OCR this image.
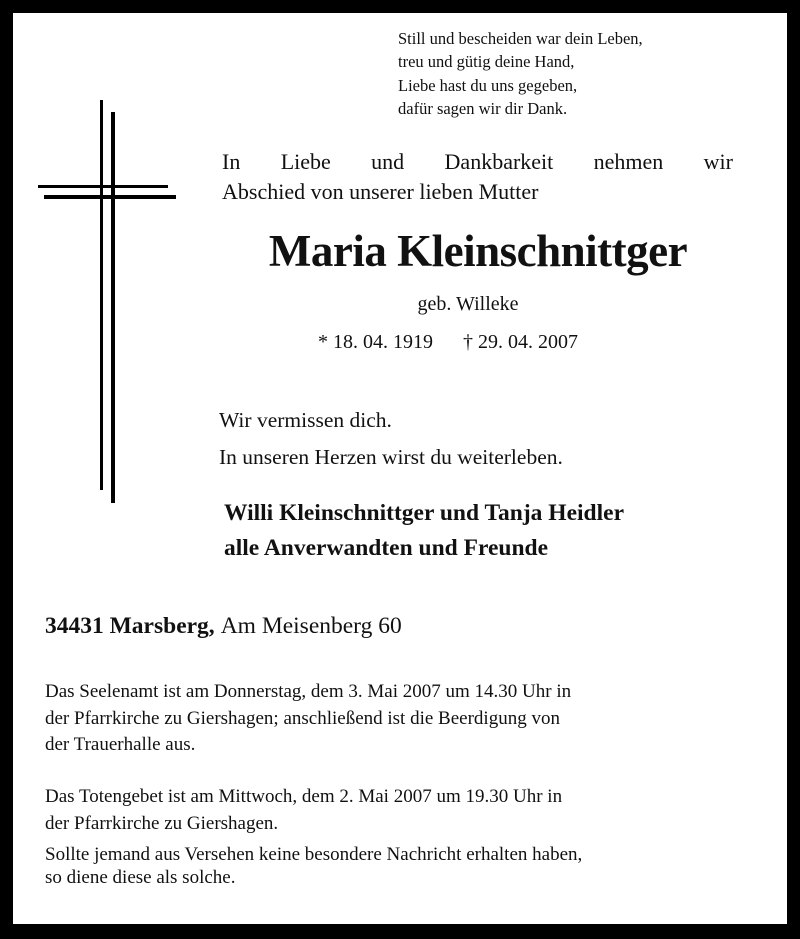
Still und bescheiden war dein Leben,
treu und gütig deine Hand,
Liebe hast du uns gegeben,
dafür sagen wir dir Dank.
In Liebe und Dankbarkeit nehmen wir
Abschied von unserer lieben Mutter
Maria Kleinschnittger
geb. Willeke
* 18. 04. 1919 † 29. 04. 2007
Wir vermissen dich.
In unseren Herzen wirst du weiterleben.
Willi Kleinschnittger und Tanja Heidler
alle Anverwandten und Freunde
34431 Marsberg, Am Meisenberg 60
Das Seelenamt ist am Donnerstag, dem 3. Mai 2007 um 14.30 Uhr in
der Pfarrkirche zu Giershagen; anschließend ist die Beerdigung von
der Trauerhalle aus.
Das Totengebet ist am Mittwoch, dem 2. Mai 2007 um 19.30 Uhr in
der Pfarrkirche zu Giershagen.
Sollte jemand aus Versehen keine besondere Nachricht erhalten haben,
so diene diese als solche.
